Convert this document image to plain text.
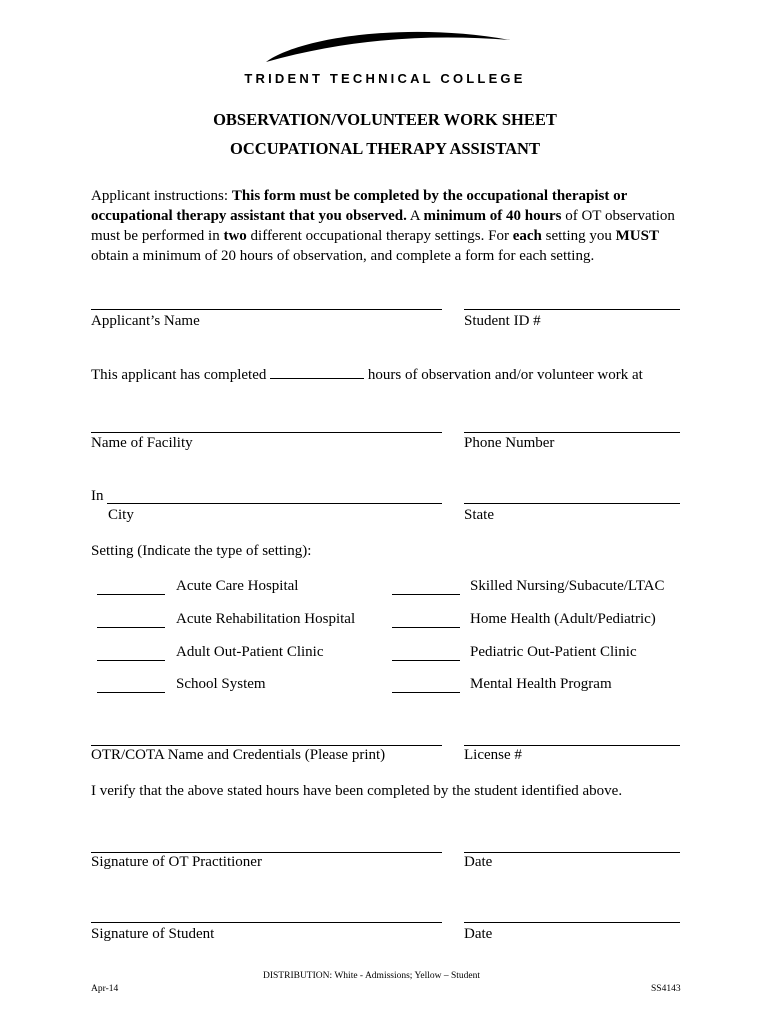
TRIDENT TECHNICAL COLLEGE
OBSERVATION/VOLUNTEER WORK SHEET
OCCUPATIONAL THERAPY ASSISTANT
Applicant instructions: This form must be completed by the occupational therapist or occupational therapy assistant that you observed. A minimum of 40 hours of OT observation must be performed in two different occupational therapy settings. For each setting you MUST obtain a minimum of 20 hours of observation, and complete a form for each setting.
Applicant’s Name	Student ID #
This applicant has completed	hours of observation and/or volunteer work at
Name of Facility	Phone Number
In
City	State
Setting (Indicate the type of setting):
Acute Care Hospital	Skilled Nursing/Subacute/LTAC
Acute Rehabilitation Hospital	Home Health (Adult/Pediatric)
Adult Out-Patient Clinic	Pediatric Out-Patient Clinic
School System	Mental Health Program
OTR/COTA Name and Credentials (Please print)	License #
I verify that the above stated hours have been completed by the student identified above.
Signature of OT Practitioner	Date
Signature of Student	Date
DISTRIBUTION: White - Admissions; Yellow – Student
Apr-14	SS4143
